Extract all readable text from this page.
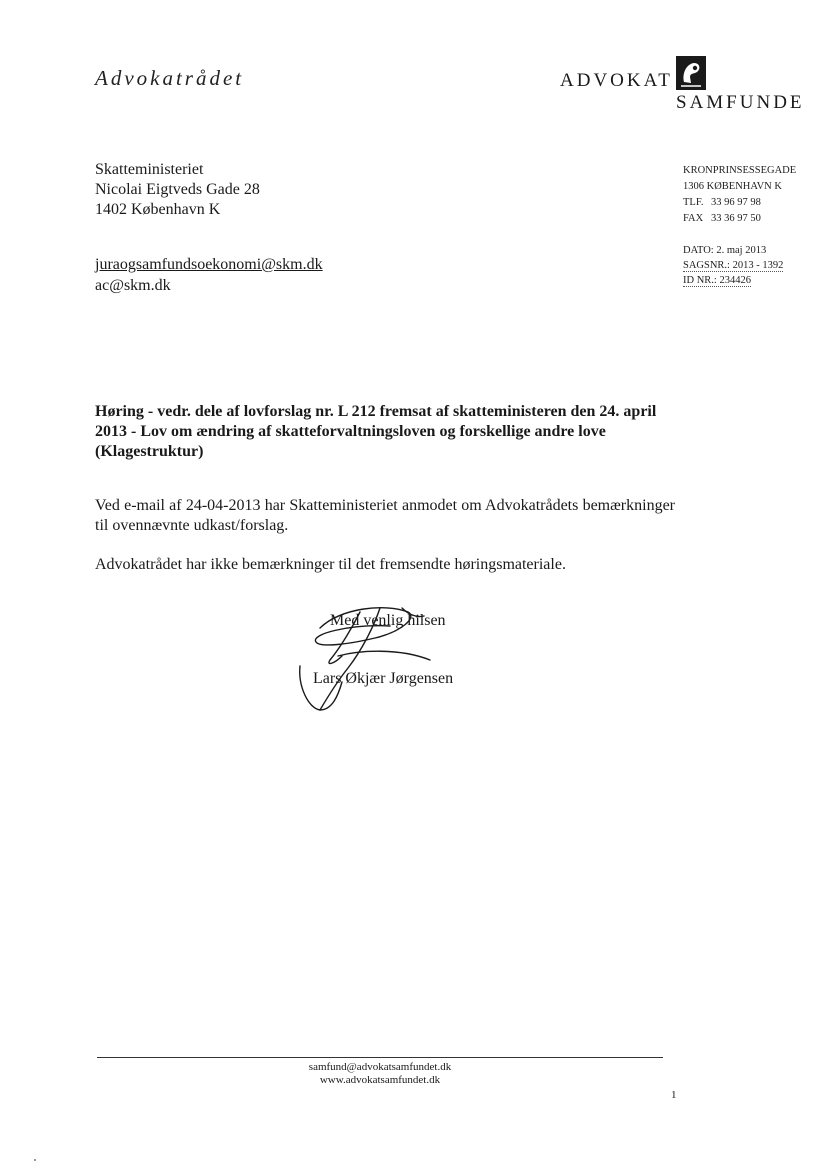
Advokatrådet	ADVOKAT
SAMFUNDE
Skatteministeriet
Nicolai Eigtveds Gade 28
1402 København K
juraogsamfundsoekonomi@skm.dk
ac@skm.dk
KRONPRINSESSEGADE
1306 KØBENHAVN K
TLF. 33 96 97 98
FAX 33 36 97 50
DATO: 2. maj 2013
SAGSNR.: 2013 - 1392
ID NR.: 234426
Høring - vedr. dele af lovforslag nr. L 212 fremsat af skatteministeren den 24. april 2013 - Lov om ændring af skatteforvaltningsloven og forskellige andre love (Klagestruktur)
Ved e-mail af 24-04-2013 har Skatteministeriet anmodet om Advokatrådets bemærkninger til ovennævnte udkast/forslag.
Advokatrådet har ikke bemærkninger til det fremsendte høringsmateriale.
Med venlig hilsen
Lars Økjær Jørgensen
samfund@advokatsamfundet.dk
www.advokatsamfundet.dk
1
